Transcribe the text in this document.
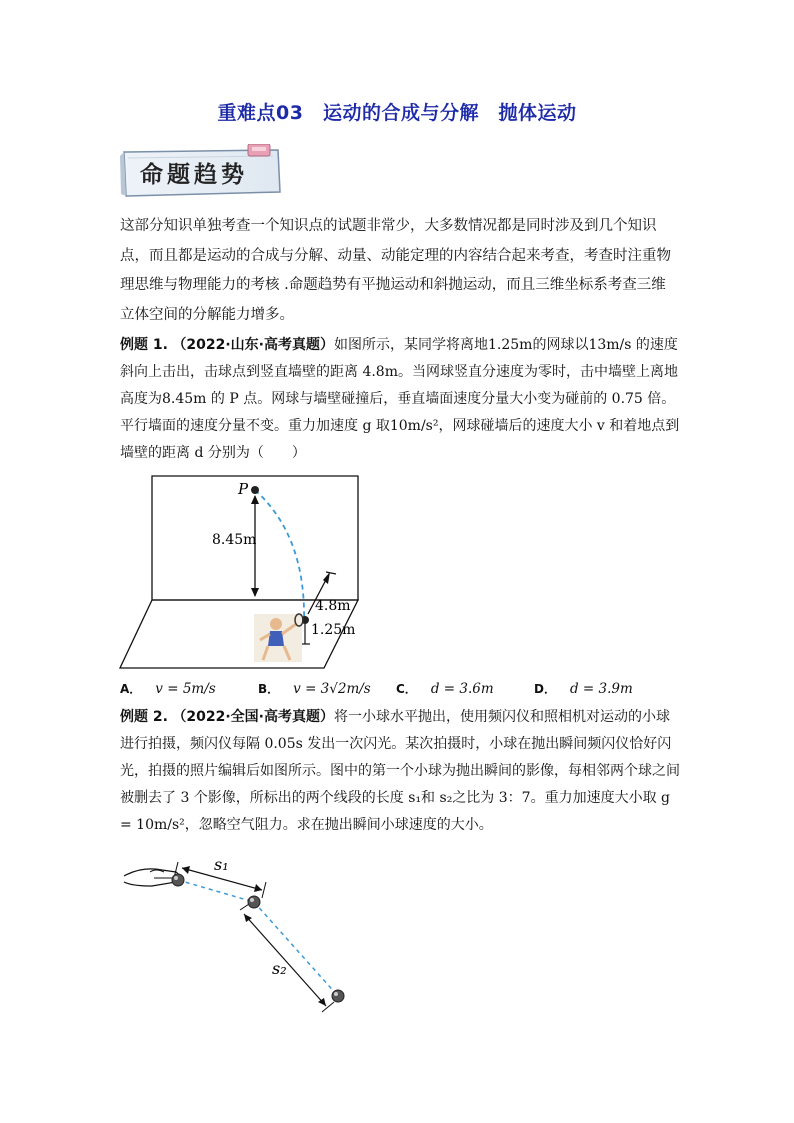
重难点03　运动的合成与分解　抛体运动
命题趋势
这部分知识单独考查一个知识点的试题非常少，大多数情况都是同时涉及到几个知识点，而且都是运动的合成与分解、动量、动能定理的内容结合起来考查，考查时注重物理思维与物理能力的考核 .命题趋势有平抛运动和斜抛运动，而且三维坐标系考查三维立体空间的分解能力增多。
例题 1. （2022·山东·高考真题）如图所示，某同学将离地1.25m的网球以13m/s 的速度斜向上击出，击球点到竖直墙壁的距离 4.8m。当网球竖直分速度为零时，击中墙壁上离地高度为8.45m 的 P 点。网球与墙壁碰撞后，垂直墙面速度分量大小变为碰前的 0.75 倍。平行墙面的速度分量不变。重力加速度 g 取10m/s²，网球碰墙后的速度大小 v 和着地点到墙壁的距离 d 分别为（　　）
P
8.45m
4.8m
1.25m
A． v = 5m/s	B． v = 3√2m/s C． d = 3.6m	D． d = 3.9m
例题 2. （2022·全国·高考真题）将一小球水平抛出，使用频闪仪和照相机对运动的小球进行拍摄，频闪仪每隔 0.05s 发出一次闪光。某次拍摄时，小球在抛出瞬间频闪仪恰好闪光，拍摄的照片编辑后如图所示。图中的第一个小球为抛出瞬间的影像，每相邻两个球之间被删去了 3 个影像，所标出的两个线段的长度 s₁和 s₂之比为 3：7。重力加速度大小取 g = 10m/s²，忽略空气阻力。求在抛出瞬间小球速度的大小。
s₁
s₂
